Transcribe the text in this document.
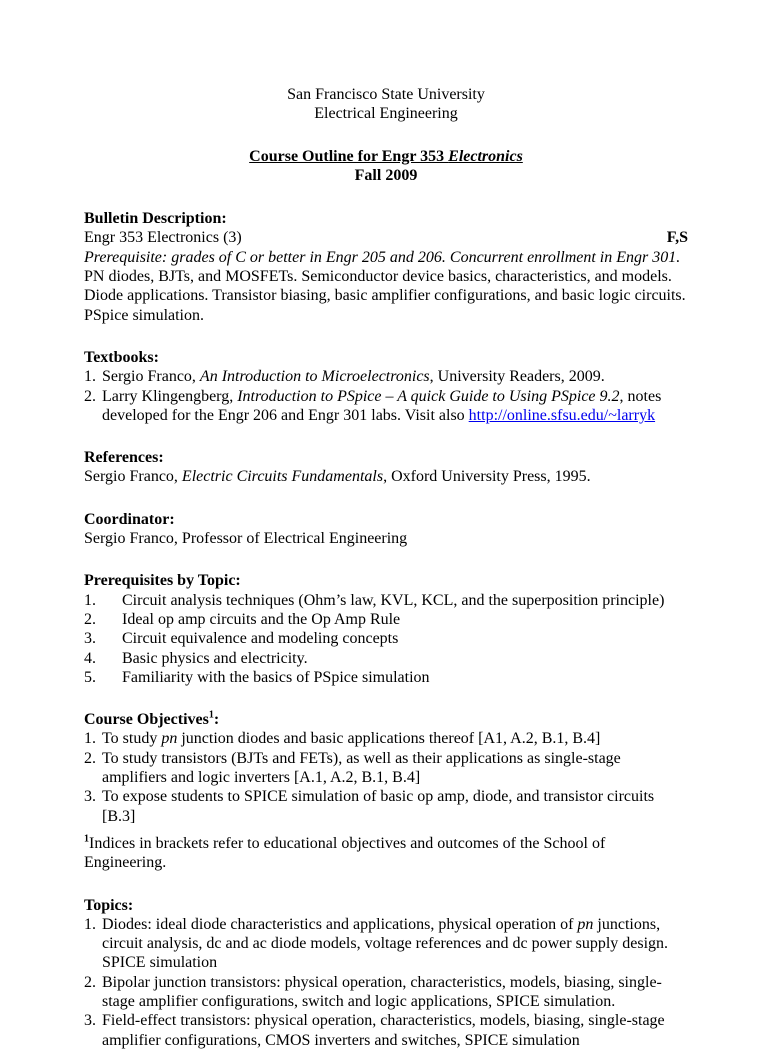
San Francisco State University
Electrical Engineering
Course Outline for Engr 353 Electronics
Fall 2009
Bulletin Description:
Engr 353 Electronics (3)	F,S
Prerequisite: grades of C or better in Engr 205 and 206. Concurrent enrollment in Engr 301.
PN diodes, BJTs, and MOSFETs. Semiconductor device basics, characteristics, and models. Diode applications. Transistor biasing, basic amplifier configurations, and basic logic circuits. PSpice simulation.
Textbooks:
1. Sergio Franco, An Introduction to Microelectronics, University Readers, 2009.
2. Larry Klingengberg, Introduction to PSpice – A quick Guide to Using PSpice 9.2, notes developed for the Engr 206 and Engr 301 labs. Visit also http://online.sfsu.edu/~larryk
References:
Sergio Franco, Electric Circuits Fundamentals, Oxford University Press, 1995.
Coordinator:
Sergio Franco, Professor of Electrical Engineering
Prerequisites by Topic:
1. Circuit analysis techniques (Ohm’s law, KVL, KCL, and the superposition principle)
2. Ideal op amp circuits and the Op Amp Rule
3. Circuit equivalence and modeling concepts
4. Basic physics and electricity.
5. Familiarity with the basics of PSpice simulation
Course Objectives$^1$:
1. To study pn junction diodes and basic applications thereof [A1, A.2, B.1, B.4]
2. To study transistors (BJTs and FETs), as well as their applications as single-stage amplifiers and logic inverters [A.1, A.2, B.1, B.4]
3. To expose students to SPICE simulation of basic op amp, diode, and transistor circuits [B.3]
$^1$Indices in brackets refer to educational objectives and outcomes of the School of Engineering.
Topics:
1. Diodes: ideal diode characteristics and applications, physical operation of pn junctions, circuit analysis, dc and ac diode models, voltage references and dc power supply design. SPICE simulation
2. Bipolar junction transistors: physical operation, characteristics, models, biasing, single-stage amplifier configurations, switch and logic applications, SPICE simulation.
3. Field-effect transistors: physical operation, characteristics, models, biasing, single-stage amplifier configurations, CMOS inverters and switches, SPICE simulation
